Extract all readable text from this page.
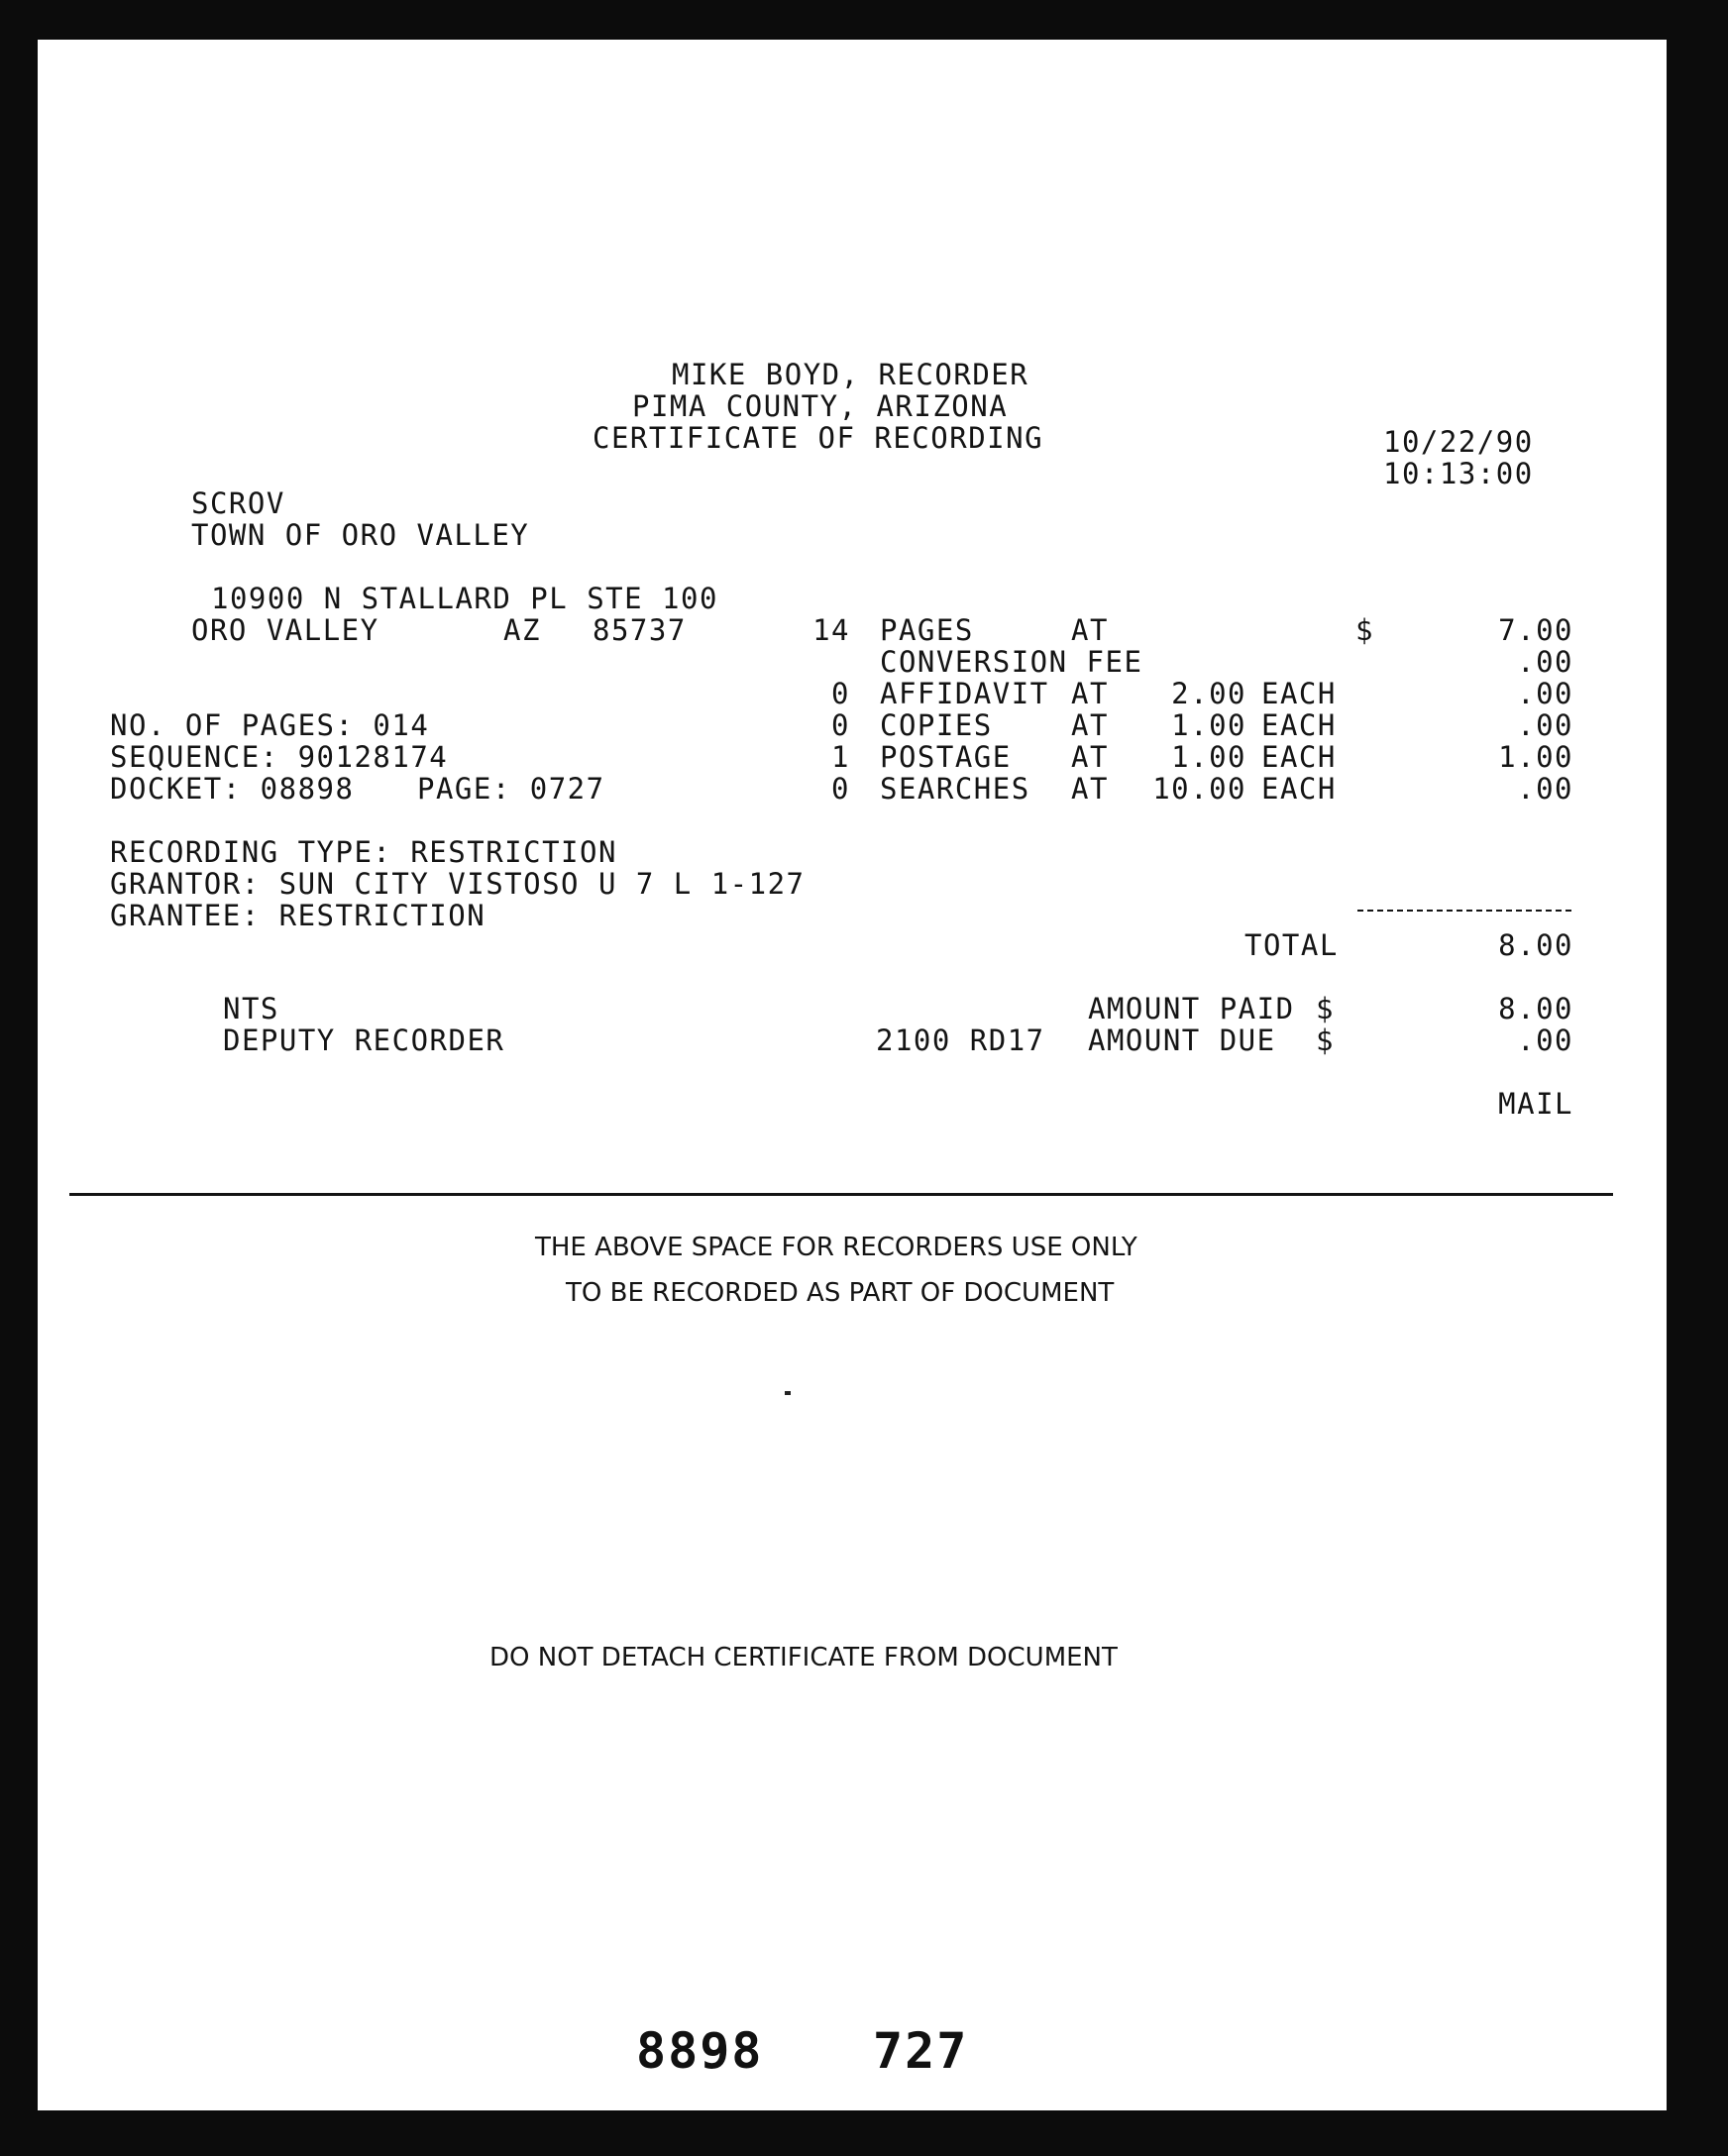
MIKE BOYD, RECORDER
PIMA COUNTY, ARIZONA
CERTIFICATE OF RECORDING	10/22/90
10:13:00
SCROV
TOWN OF ORO VALLEY
10900 N STALLARD PL STE 100
ORO VALLEY	AZ 85737	14 PAGES	AT	$	7.00
CONVERSION FEE	.00
0 AFFIDAVIT AT	2.00 EACH	.00
0 COPIES	AT	1.00 EACH	.00
1 POSTAGE AT	1.00 EACH	1.00
0 SEARCHES AT	10.00 EACH	.00
TOTAL	8.00
NO. OF PAGES: 014
SEQUENCE: 90128174
DOCKET: 08898 PAGE: 0727
RECORDING TYPE: RESTRICTION
GRANTOR: SUN CITY VISTOSO U 7 L 1-127
GRANTEE: RESTRICTION
NTS
DEPUTY RECORDER	2100 RD17
AMOUNT PAID $	8.00
AMOUNT DUE $	.00
MAIL
THE ABOVE SPACE FOR RECORDERS USE ONLY
TO BE RECORDED AS PART OF DOCUMENT
DO NOT DETACH CERTIFICATE FROM DOCUMENT
8898 727
